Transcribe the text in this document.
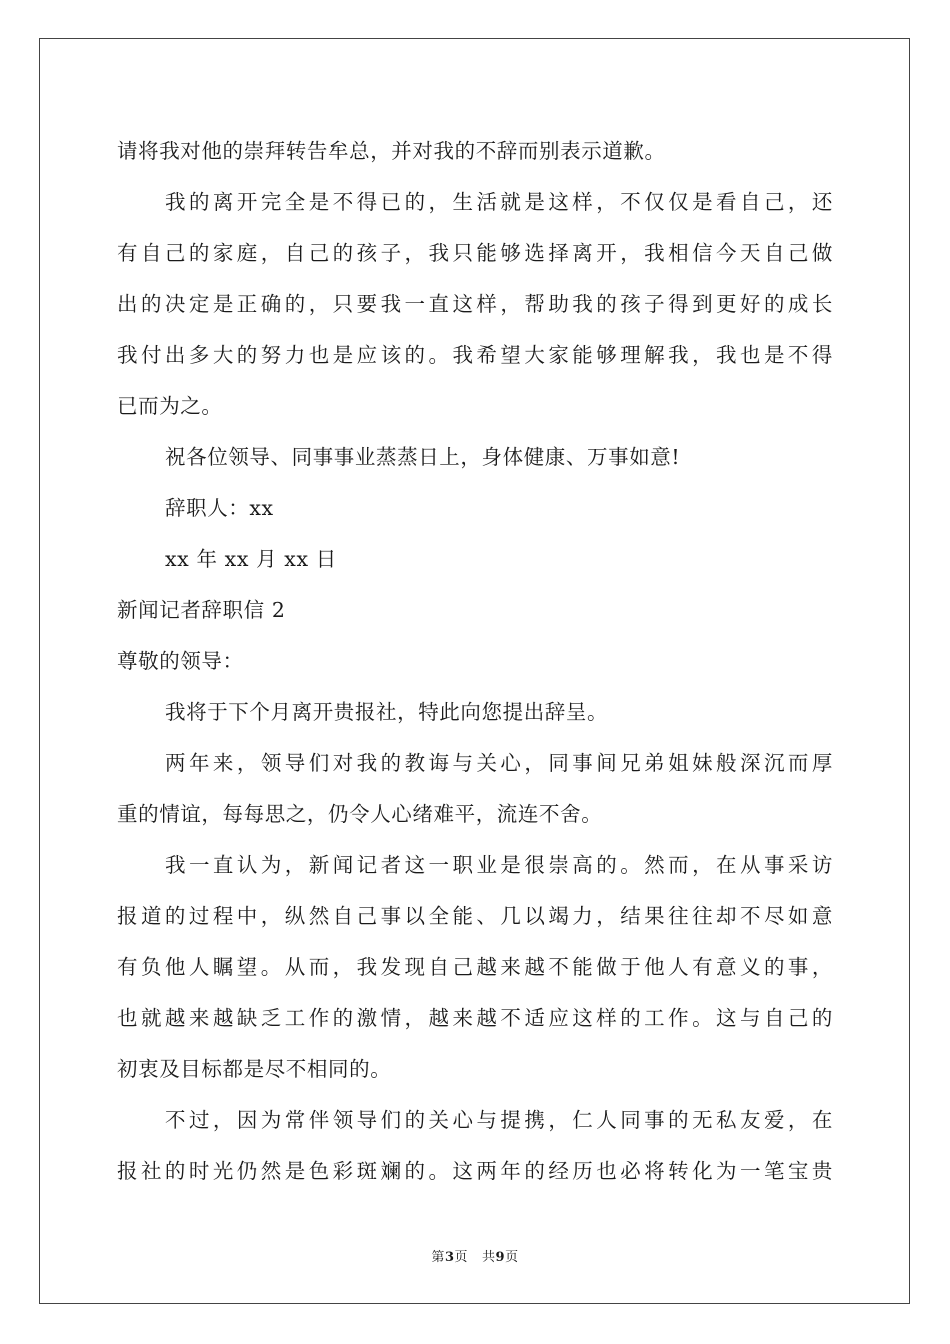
请将我对他的崇拜转告牟总，并对我的不辞而别表示道歉。
我的离开完全是不得已的，生活就是这样，不仅仅是看自己，还
有自己的家庭，自己的孩子，我只能够选择离开，我相信今天自己做
出的决定是正确的，只要我一直这样，帮助我的孩子得到更好的成长
我付出多大的努力也是应该的。我希望大家能够理解我，我也是不得
已而为之。
祝各位领导、同事事业蒸蒸日上，身体健康、万事如意!
辞职人：xx
xx 年 xx 月 xx 日
新闻记者辞职信 2
尊敬的领导：
我将于下个月离开贵报社，特此向您提出辞呈。
两年来，领导们对我的教诲与关心，同事间兄弟姐妹般深沉而厚
重的情谊，每每思之，仍令人心绪难平，流连不舍。
我一直认为，新闻记者这一职业是很崇高的。然而，在从事采访
报道的过程中，纵然自己事以全能、几以竭力，结果往往却不尽如意
有负他人瞩望。从而，我发现自己越来越不能做于他人有意义的事，
也就越来越缺乏工作的激情，越来越不适应这样的工作。这与自己的
初衷及目标都是尽不相同的。
不过，因为常伴领导们的关心与提携，仁人同事的无私友爱，在
报社的时光仍然是色彩斑斓的。这两年的经历也必将转化为一笔宝贵
第3页 共9页
